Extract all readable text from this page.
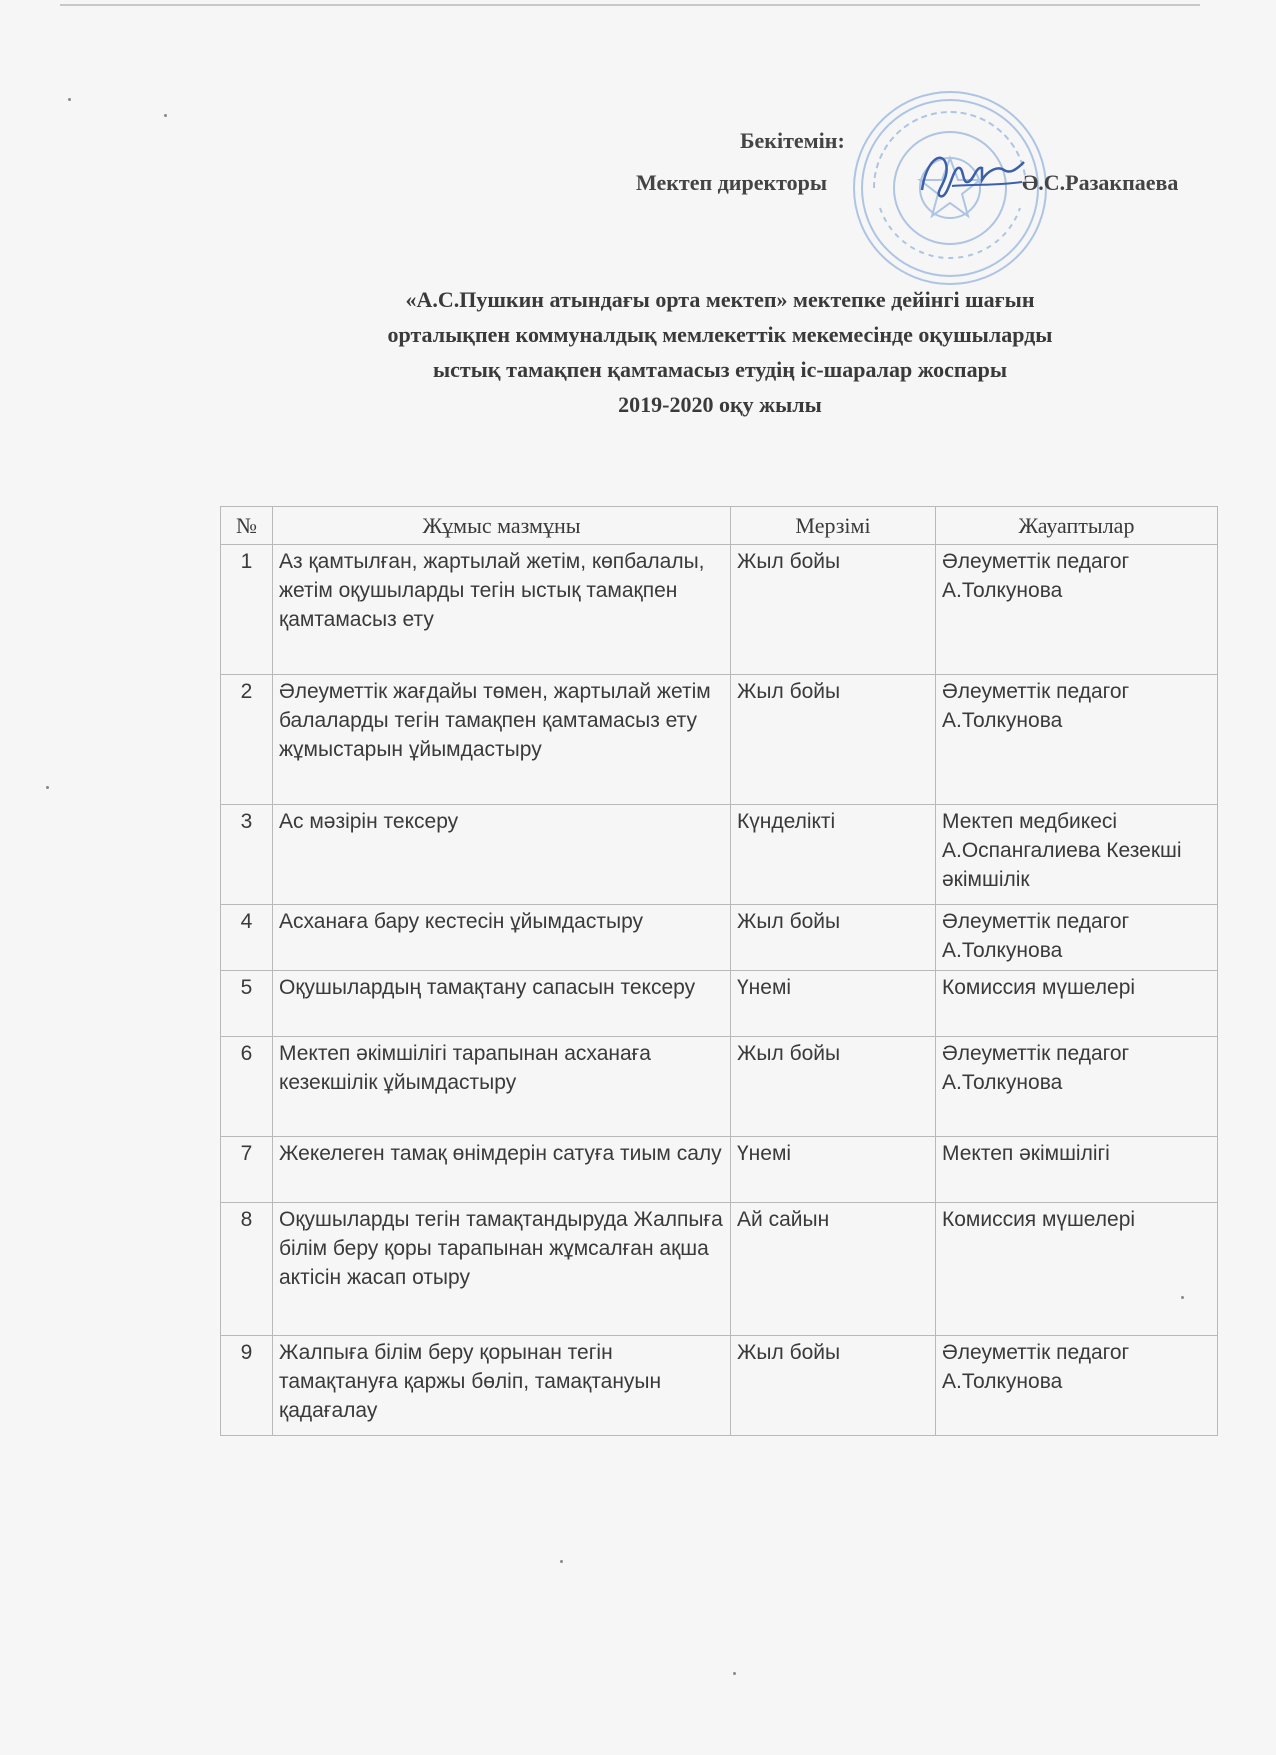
Бекітемін:
Мектеп директоры	Ә.С.Разакпаева
«А.С.Пушкин атындағы орта мектеп» мектепке дейінгі шағын
орталықпен коммуналдық мемлекеттік мекемесінде оқушыларды
ыстық тамақпен қамтамасыз етудің іс-шаралар жоспары
2019-2020 оқу жылы
№	Жұмыс мазмұны	Мерзімі	Жауаптылар
1	Аз қамтылған, жартылай жетім, көпбалалы, жетім оқушыларды тегін ыстық тамақпен қамтамасыз ету	Жыл бойы	Әлеуметтік педагог А.Толкунова
2	Әлеуметтік жағдайы төмен, жартылай жетім балаларды тегін тамақпен қамтамасыз ету жұмыстарын ұйымдастыру	Жыл бойы	Әлеуметтік педагог А.Толкунова
3	Ас мәзірін тексеру	Күнделікті	Мектеп медбикесі А.Оспангалиева Кезекші әкімшілік
4	Асханаға бару кестесін ұйымдастыру	Жыл бойы	Әлеуметтік педагог А.Толкунова
5	Оқушылардың тамақтану сапасын тексеру	Үнемі	Комиссия мүшелері
6	Мектеп әкімшілігі тарапынан асханаға кезекшілік ұйымдастыру	Жыл бойы	Әлеуметтік педагог А.Толкунова
7	Жекелеген тамақ өнімдерін сатуға тиым салу	Үнемі	Мектеп әкімшілігі
8	Оқушыларды тегін тамақтандыруда Жалпыға білім беру қоры тарапынан жұмсалған ақша актісін жасап отыру	Ай сайын	Комиссия мүшелері
9	Жалпыға білім беру қорынан тегін тамақтануға қаржы бөліп, тамақтануын қадағалау	Жыл бойы	Әлеуметтік педагог А.Толкунова
